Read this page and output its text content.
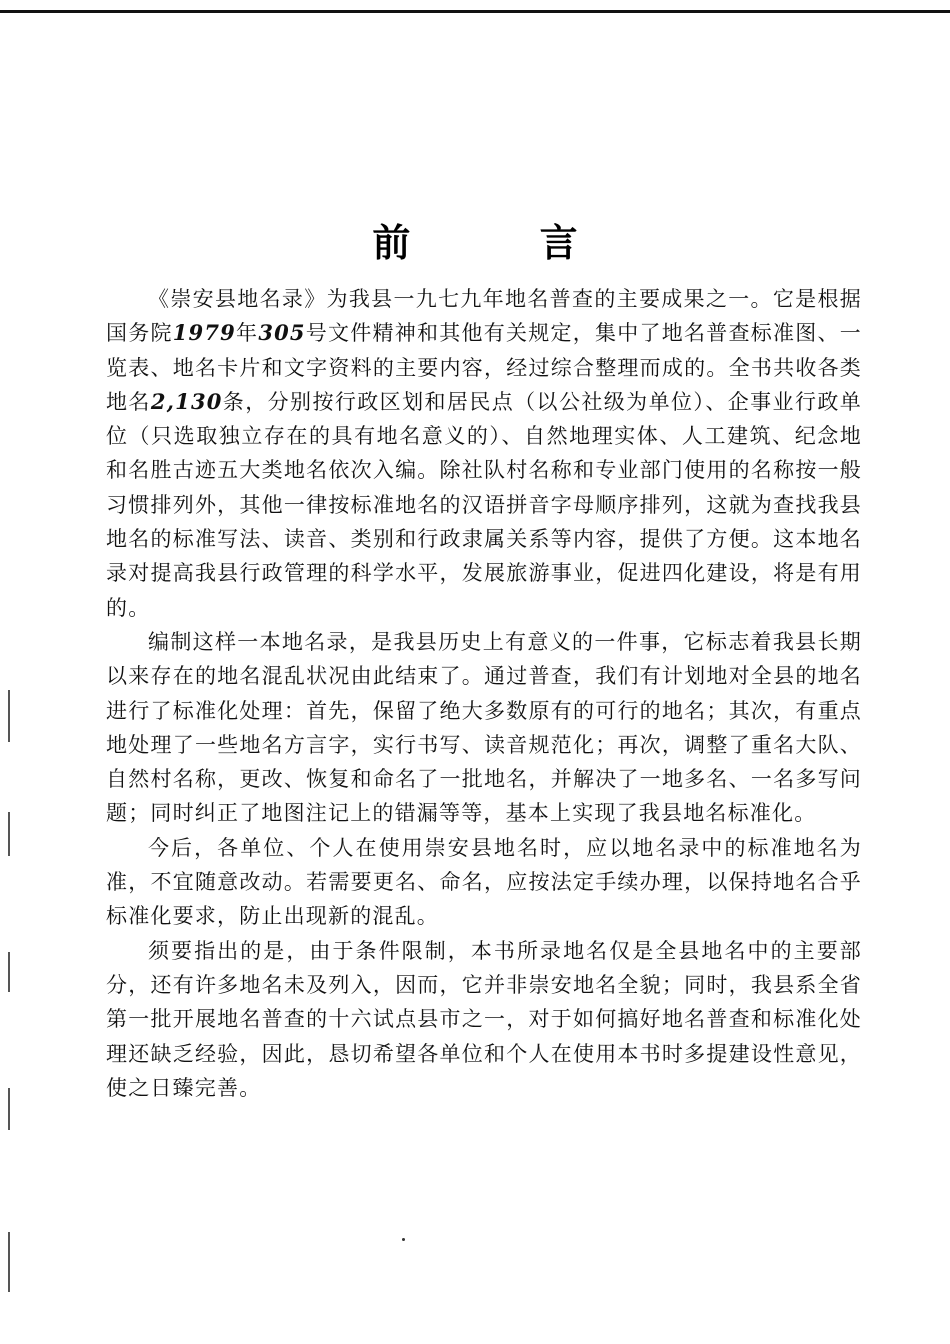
前 言

《崇安县地名录》为我县一九七九年地名普查的主要成果之一。它是根据国务院1979年305号文件精神和其他有关规定，集中了地名普查标准图、一览表、地名卡片和文字资料的主要内容，经过综合整理而成的。全书共收各类地名2,130条，分别按行政区划和居民点（以公社级为单位）、企事业行政单位（只选取独立存在的具有地名意义的）、自然地理实体、人工建筑、纪念地和名胜古迹五大类地名依次入编。除社队村名称和专业部门使用的名称按一般习惯排列外，其他一律按标准地名的汉语拼音字母顺序排列，这就为查找我县地名的标准写法、读音、类别和行政隶属关系等内容，提供了方便。这本地名录对提高我县行政管理的科学水平，发展旅游事业，促进四化建设，将是有用的。

编制这样一本地名录，是我县历史上有意义的一件事，它标志着我县长期以来存在的地名混乱状况由此结束了。通过普查，我们有计划地对全县的地名进行了标准化处理：首先，保留了绝大多数原有的可行的地名；其次，有重点地处理了一些地名方言字，实行书写、读音规范化；再次，调整了重名大队、自然村名称，更改、恢复和命名了一批地名，并解决了一地多名、一名多写问题；同时纠正了地图注记上的错漏等等，基本上实现了我县地名标准化。

今后，各单位、个人在使用崇安县地名时，应以地名录中的标准地名为准，不宜随意改动。若需要更名、命名，应按法定手续办理，以保持地名合乎标准化要求，防止出现新的混乱。

须要指出的是，由于条件限制，本书所录地名仅是全县地名中的主要部分，还有许多地名未及列入，因而，它并非崇安地名全貌；同时，我县系全省第一批开展地名普查的十六试点县市之一，对于如何搞好地名普查和标准化处理还缺乏经验，因此，恳切希望各单位和个人在使用本书时多提建设性意见，使之日臻完善。
